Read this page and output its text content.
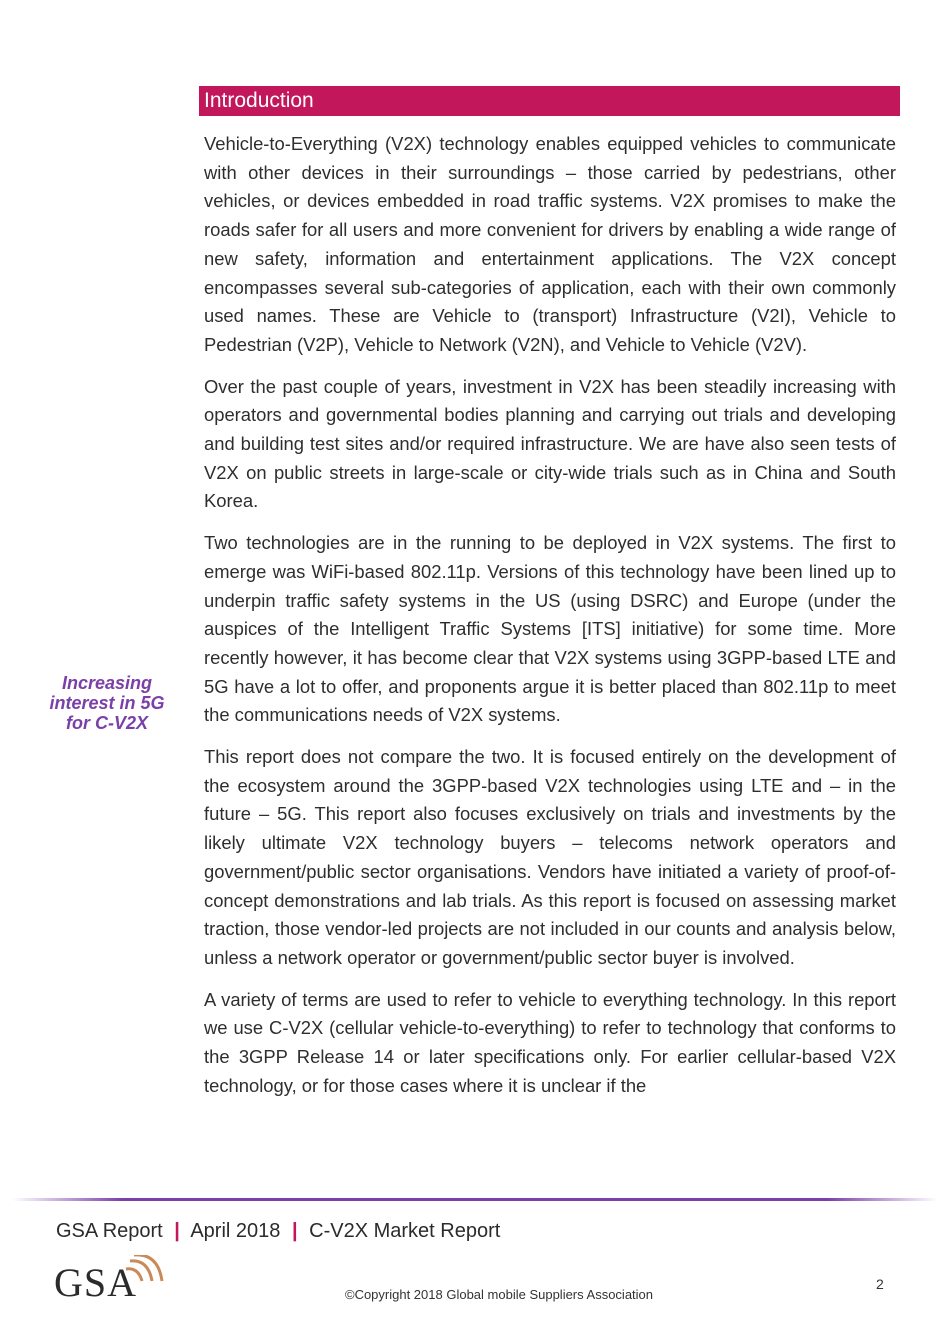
Introduction

Vehicle-to-Everything (V2X) technology enables equipped vehicles to communicate with other devices in their surroundings – those carried by pedestrians, other vehicles, or devices embedded in road traffic systems. V2X promises to make the roads safer for all users and more convenient for drivers by enabling a wide range of new safety, information and entertainment applications. The V2X concept encompasses several sub-categories of application, each with their own commonly used names. These are Vehicle to (transport) Infrastructure (V2I), Vehicle to Pedestrian (V2P), Vehicle to Network (V2N), and Vehicle to Vehicle (V2V).

Over the past couple of years, investment in V2X has been steadily increasing with operators and governmental bodies planning and carrying out trials and developing and building test sites and/or required infrastructure. We are have also seen tests of V2X on public streets in large-scale or city-wide trials such as in China and South Korea.

Two technologies are in the running to be deployed in V2X systems. The first to emerge was WiFi-based 802.11p. Versions of this technology have been lined up to underpin traffic safety systems in the US (using DSRC) and Europe (under the auspices of the Intelligent Traffic Systems [ITS] initiative) for some time. More recently however, it has become clear that V2X systems using 3GPP-based LTE and 5G have a lot to offer, and proponents argue it is better placed than 802.11p to meet the communications needs of V2X systems.

This report does not compare the two. It is focused entirely on the development of the ecosystem around the 3GPP-based V2X technologies using LTE and – in the future – 5G. This report also focuses exclusively on trials and investments by the likely ultimate V2X technology buyers – telecoms network operators and government/public sector organisations. Vendors have initiated a variety of proof-of-concept demonstrations and lab trials. As this report is focused on assessing market traction, those vendor-led projects are not included in our counts and analysis below, unless a network operator or government/public sector buyer is involved.

A variety of terms are used to refer to vehicle to everything technology. In this report we use C-V2X (cellular vehicle-to-everything) to refer to technology that conforms to the 3GPP Release 14 or later specifications only. For earlier cellular-based V2X technology, or for those cases where it is unclear if the

Increasing
interest in 5G
for C-V2X
GSA Report | April 2018 | C-V2X Market Report
GSA	©Copyright 2018 Global mobile Suppliers Association
2
